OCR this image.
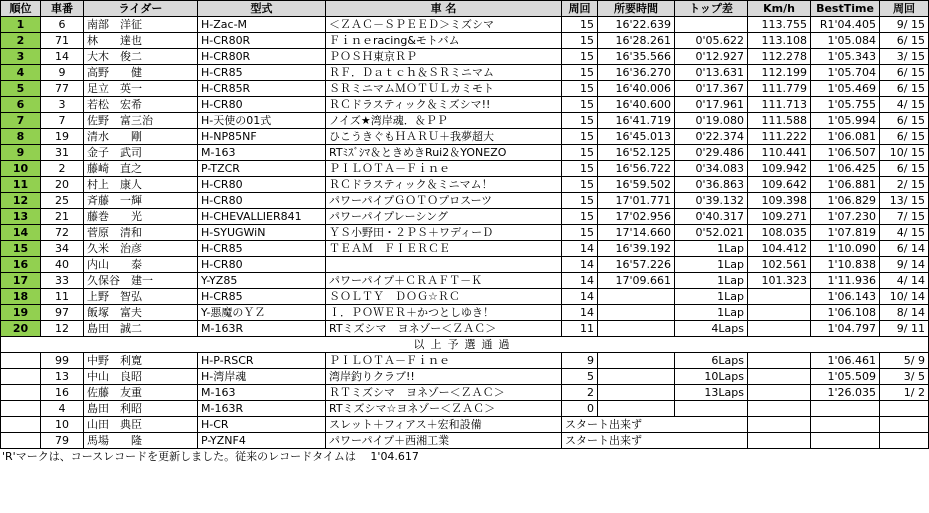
順位	車番	ライダー	型式	車 名	周回	所要時間	トップ差	Km/h	BestTime	周回
1	6	南部　洋征	H-Zac-M	＜ＺＡＣ－ＳＰＥＥＤ＞ミズシマ	15	16'22.639		113.755	R1'04.405	9/ 15
2	71	林　　達也	H-CR80R	Ｆｉｎｅracing&モトバム	15	16'28.261	0'05.622	113.108	1'05.084	6/ 15
3	14	大木　俊二	H-CR80R	ＰＯＳＨ東京ＲＰ	15	16'35.566	0'12.927	112.278	1'05.343	3/ 15
4	9	高野　　健	H-CR85	ＲＦ．Ｄａｔｃｈ＆ＳＲミニマム	15	16'36.270	0'13.631	112.199	1'05.704	6/ 15
5	77	足立　英一	H-CR85R	ＳＲミニマムＭＯＴＵＬカミモト	15	16'40.006	0'17.367	111.779	1'05.469	6/ 15
6	3	若松　宏希	H-CR80	ＲＣドラスティック＆ミズシマ!!	15	16'40.600	0'17.961	111.713	1'05.755	4/ 15
7	7	佐野　富三治	H-天使の01式	ノイズ★湾岸魂．＆ＰＰ	15	16'41.719	0'19.080	111.588	1'05.994	6/ 15
8	19	清水　　剛	H-NP85NF	ひこうきぐもＨＡＲＵ＋我夢超大	15	16'45.013	0'22.374	111.222	1'06.081	6/ 15
9	31	金子　武司	M-163	RTﾐｽﾞｼﾏ＆ときめきRui2＆YONEZO	15	16'52.125	0'29.486	110.441	1'06.507	10/ 15
10	2	藤崎　直之	P-TZCR	ＰＩＬＯＴＡ－Ｆｉｎｅ	15	16'56.722	0'34.083	109.942	1'06.425	6/ 15
11	20	村上　康人	H-CR80	ＲＣドラスティック＆ミニマム！	15	16'59.502	0'36.863	109.642	1'06.881	2/ 15
12	25	斉藤　一輝	H-CR80	パワーパイプＧＯＴＯプロスーツ	15	17'01.771	0'39.132	109.398	1'06.829	13/ 15
13	21	藤巻　　光	H-CHEVALLIER841	パワーパイプレーシング	15	17'02.956	0'40.317	109.271	1'07.230	7/ 15
14	72	菅原　清和	H-SYUGWiN	ＹＳ小野田・２ＰＳ＋ワディーＤ	15	17'14.660	0'52.021	108.035	1'07.819	4/ 15
15	34	久米　治彦	H-CR85	ＴＥＡＭ　ＦＩＥＲＣＥ	14	16'39.192	1Lap	104.412	1'10.090	6/ 14
16	40	内山　　泰	H-CR80		14	16'57.226	1Lap	102.561	1'10.838	9/ 14
17	33	久保谷　建一	Y-YZ85	パワーパイプ＋ＣＲＡＦＴ－Ｋ	14	17'09.661	1Lap	101.323	1'11.936	4/ 14
18	11	上野　智弘	H-CR85	ＳＯＬＴＹ　ＤＯＧ☆ＲＣ	14		1Lap		1'06.143	10/ 14
19	97	飯塚　富夫	Y-悪魔のＹＺ	Ｉ．ＰＯＷＥＲ＋かつとしゆき！	14		1Lap		1'06.108	8/ 14
20	12	島田　誠二	M-163R	RTミズシマ　ヨネゾー＜ＺＡＣ＞	11		4Laps		1'04.797	9/ 11
以上予選通過										
	99	中野　利寛	H-P-RSCR	ＰＩＬＯＴＡ－Ｆｉｎｅ	9		6Laps		1'06.461	5/ 9
	13	中山　良昭	H-湾岸魂	湾岸釣りクラブ!!	5		10Laps		1'05.509	3/ 5
	16	佐藤　友重	M-163	ＲＴミズシマ　ヨネゾー＜ＺＡＣ＞	2		13Laps		1'26.035	1/ 2
	4	島田　利昭	M-163R	RTミズシマ☆ヨネゾー＜ＺＡＣ＞	0					
	10	山田　典臣	H-CR	スレット＋フィアス＋宏和設備	スタート出来ず					
	79	馬場　　隆	P-YZNF4	パワーパイプ＋西湘工業	スタート出来ず					
'R'マークは、コースレコードを更新しました。従来のレコードタイムは　 1'04.617
